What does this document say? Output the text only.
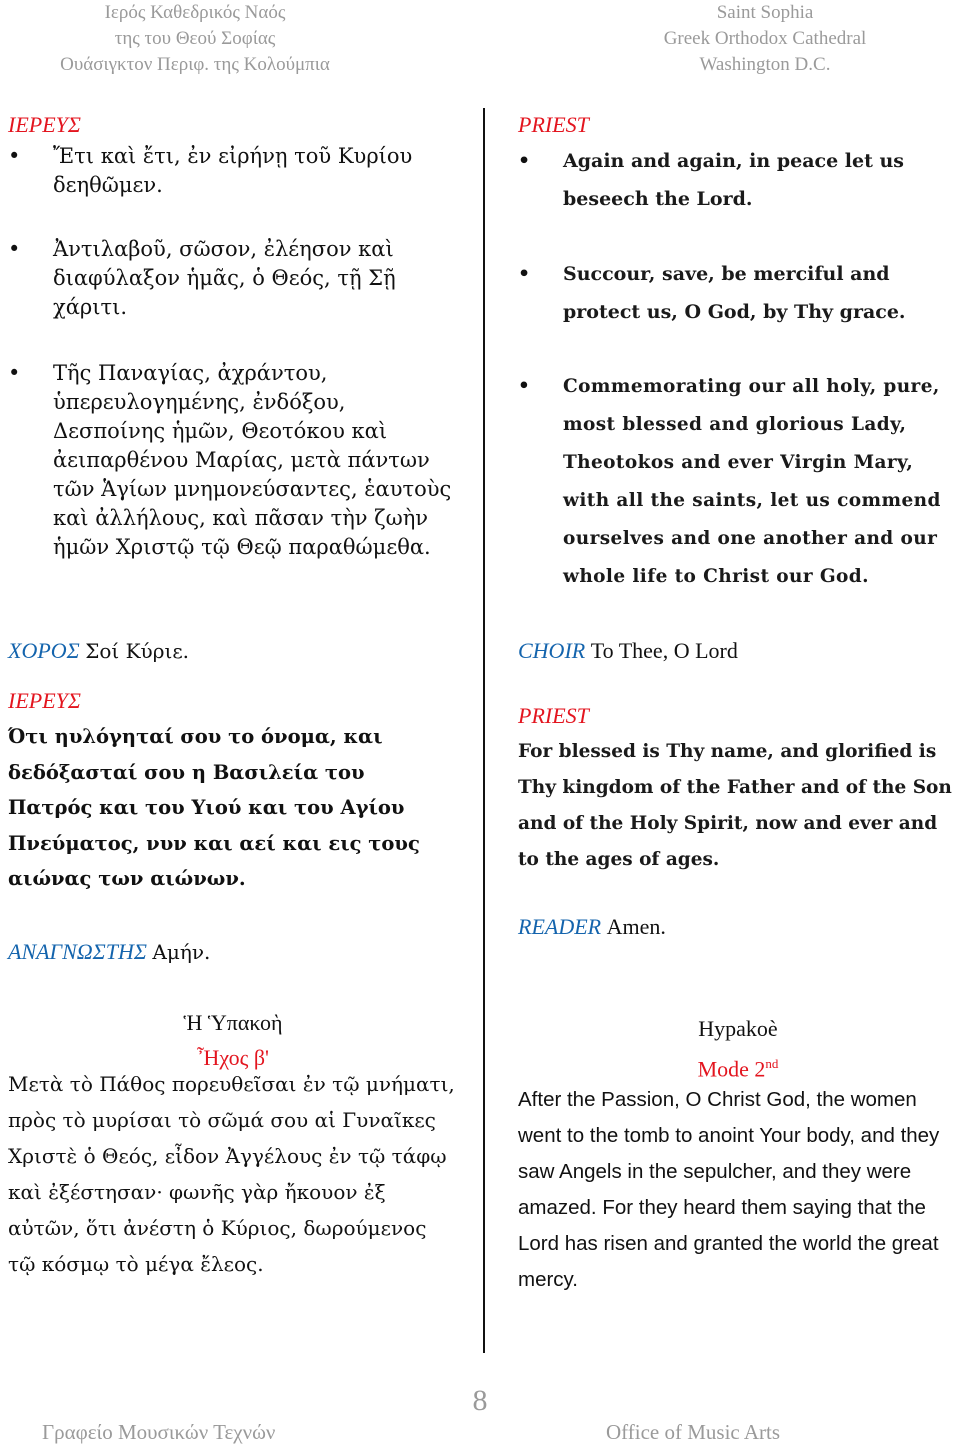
Ιερός Καθεδρικός Ναός
της του Θεού Σοφίας
Ουάσιγκτον Περιφ. της Κολούμπια
Saint Sophia
Greek Orthodox Cathedral
Washington D.C.
ΙΕΡΕΥΣ
• Ἔτι καὶ ἔτι, ἐν εἰρήνῃ τοῦ Κυρίου δεηθῶμεν.
• Ἀντιλαβοῦ, σῶσον, ἐλέησον καὶ διαφύλαξον ἡμᾶς, ὁ Θεός, τῇ Σῇ χάριτι.
• Τῆς Παναγίας, ἀχράντου, ὑπερευλογημένης, ἐνδόξου, Δεσποίνης ἡμῶν, Θεοτόκου καὶ ἀειπαρθένου Μαρίας, μετὰ πάντων τῶν Ἁγίων μνημονεύσαντες, ἑαυτοὺς καὶ ἀλλήλους, καὶ πᾶσαν τὴν ζωὴν ἡμῶν Χριστῷ τῷ Θεῷ παραθώμεθα.
ΧΟΡΟΣ Σοί Κύριε.
ΙΕΡΕΥΣ
Ότι ηυλόγηταί σου το όνομα, και δεδόξασταί σου η Βασιλεία του Πατρός και του Υιού και του Αγίου Πνεύματος, νυν και αεί και εις τους αιώνας των αιώνων.
ΑΝΑΓΝΩΣΤΗΣ Αμήν.
Ἡ Ὑπακοὴ
Ἦχος β'
Μετὰ τὸ Πάθος πορευθεῖσαι ἐν τῷ μνήματι, πρὸς τὸ μυρίσαι τὸ σῶμά σου αἱ Γυναῖκες Χριστὲ ὁ Θεός, εἶδον Ἀγγέλους ἐν τῷ τάφῳ καὶ ἐξέστησαν· φωνῆς γὰρ ἤκουον ἐξ αὐτῶν, ὅτι ἀνέστη ὁ Κύριος, δωρούμενος τῷ κόσμῳ τὸ μέγα ἔλεος.
PRIEST
• Again and again, in peace let us beseech the Lord.
• Succour, save, be merciful and protect us, O God, by Thy grace.
• Commemorating our all holy, pure, most blessed and glorious Lady, Theotokos and ever Virgin Mary, with all the saints, let us commend ourselves and one another and our whole life to Christ our God.
CHOIR To Thee, O Lord
PRIEST
For blessed is Thy name, and glorified is Thy kingdom of the Father and of the Son and of the Holy Spirit, now and ever and to the ages of ages.
READER Amen.
Hypakoè
Mode 2nd
After the Passion, O Christ God, the women went to the tomb to anoint Your body, and they saw Angels in the sepulcher, and they were amazed. For they heard them saying that the Lord has risen and granted the world the great mercy.
8
Γραφείο Μουσικών Τεχνών	Office of Music Arts
